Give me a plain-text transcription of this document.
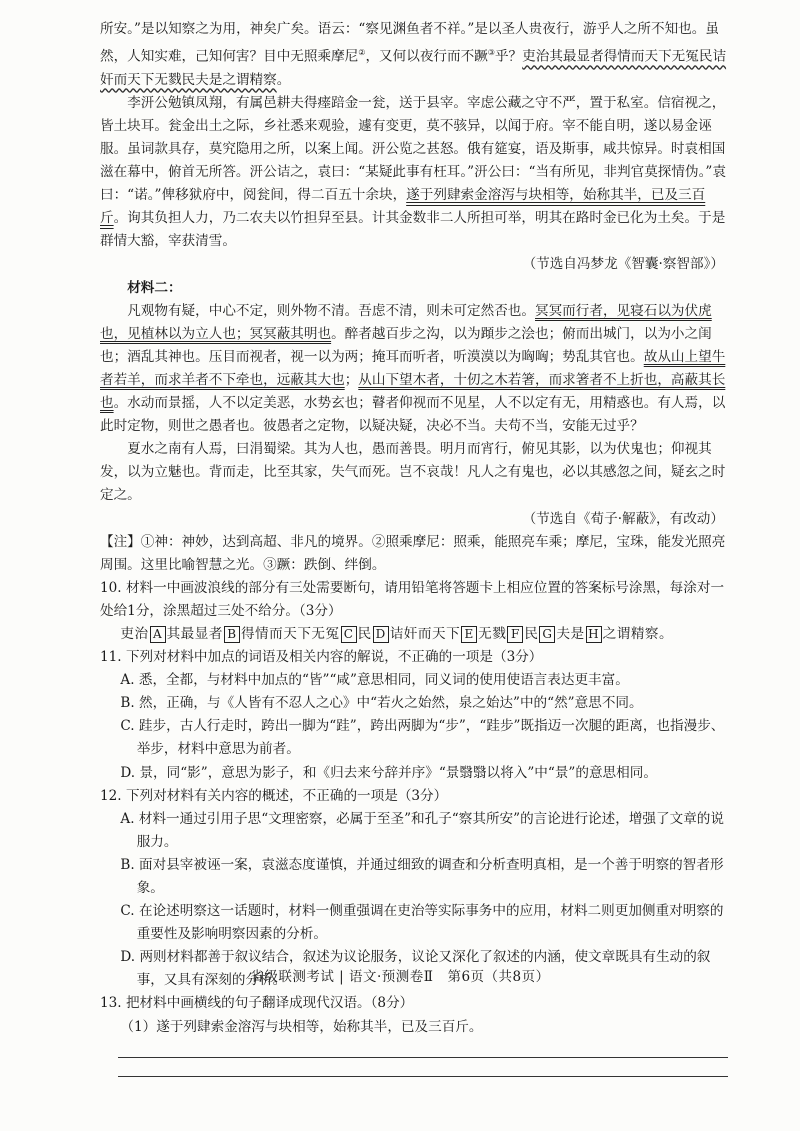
所安。”是以知察之为用，神矣广矣。语云：“察见渊鱼者不祥。”是以圣人贵夜行，游乎人之所不知也。虽然，人知实难，己知何害？目中无照乘摩尼②，又何以夜行而不蹶③乎？吏治其最显者得情而天下无冤民诘奸而天下无戮民夫是之谓精察。

李汧公勉镇凤翔，有属邑耕夫得瘗踣金一瓮，送于县宰。宰虑公藏之守不严，置于私室。信宿视之，皆土块耳。瓮金出土之际，乡社悉来观验，遽有变更，莫不骇异，以闻于府。宰不能自明，遂以易金诬服。虽词款具存，莫究隐用之所，以案上闻。汧公览之甚怒。俄有筵宴，语及斯事，咸共惊异。时袁相国滋在幕中，俯首无所答。汧公诘之，袁曰：“某疑此事有枉耳。”汧公曰：“当有所见，非判官莫探情伪。”袁曰：“诺。”俾移狱府中，阅瓮间，得二百五十余块，遂于列肆索金溶泻与块相等，始称其半，已及三百斤。询其负担人力，乃二农夫以竹担舁至县。计其金数非二人所担可举，明其在路时金已化为土矣。于是群情大豁，宰获清雪。

（节选自冯梦龙《智囊·察智部》）

材料二：

凡观物有疑，中心不定，则外物不清。吾虑不清，则未可定然否也。冥冥而行者，见寝石以为伏虎也，见植林以为立人也；冥冥蔽其明也。醉者越百步之沟，以为蹞步之浍也；俯而出城门，以为小之闺也；酒乱其神也。压目而视者，视一以为两；掩耳而听者，听漠漠以为哅哅；势乱其官也。故从山上望牛者若羊，而求羊者不下牵也，远蔽其大也；从山下望木者，十仞之木若箸，而求箸者不上折也，高蔽其长也。水动而景摇，人不以定美恶，水势玄也；瞽者仰视而不见星，人不以定有无，用精惑也。有人焉，以此时定物，则世之愚者也。彼愚者之定物，以疑决疑，决必不当。夫苟不当，安能无过乎？

夏水之南有人焉，曰涓蜀梁。其为人也，愚而善畏。明月而宵行，俯见其影，以为伏鬼也；仰视其发，以为立魅也。背而走，比至其家，失气而死。岂不哀哉！凡人之有鬼也，必以其感忽之间，疑玄之时定之。

（节选自《荀子·解蔽》，有改动）

【注】①神：神妙，达到高超、非凡的境界。②照乘摩尼：照乘，能照亮车乘；摩尼，宝珠，能发光照亮周围。这里比喻智慧之光。③蹶：跌倒、绊倒。

10. 材料一中画波浪线的部分有三处需要断句，请用铅笔将答题卡上相应位置的答案标号涂黑，每涂对一处给1分，涂黑超过三处不给分。（3分）

吏治 A 其最显者 B 得情而天下无冤 C 民 D 诘奸而天下 E 无戮 F 民 G 夫是 H 之谓精察。

11. 下列对材料中加点的词语及相关内容的解说，不正确的一项是（3分）

A. 悉，全都，与材料中加点的“皆”“咸”意思相同，同义词的使用使语言表达更丰富。

B. 然，正确，与《人皆有不忍人之心》中“若火之始然，泉之始达”中的“然”意思不同。

C. 跬步，古人行走时，跨出一脚为“跬”，跨出两脚为“步”，“跬步”既指迈一次腿的距离，也指漫步、举步，材料中意思为前者。

D. 景，同“影”，意思为影子，和《归去来兮辞并序》“景翳翳以将入”中“景”的意思相同。

12. 下列对材料有关内容的概述，不正确的一项是（3分）

A. 材料一通过引用子思“文理密察，必属于至圣”和孔子“察其所安”的言论进行论述，增强了文章的说服力。

B. 面对县宰被诬一案，袁滋态度谨慎，并通过细致的调查和分析查明真相，是一个善于明察的智者形象。

C. 在论述明察这一话题时，材料一侧重强调在吏治等实际事务中的应用，材料二则更加侧重对明察的重要性及影响明察因素的分析。

D. 两则材料都善于叙议结合，叙述为议论服务，议论又深化了叙述的内涵，使文章既具有生动的叙事，又具有深刻的分析。

13. 把材料中画横线的句子翻译成现代汉语。（8分）

（1）遂于列肆索金溶泻与块相等，始称其半，已及三百斤。

省级联测考试 | 语文·预测卷Ⅱ　第6页（共8页）
